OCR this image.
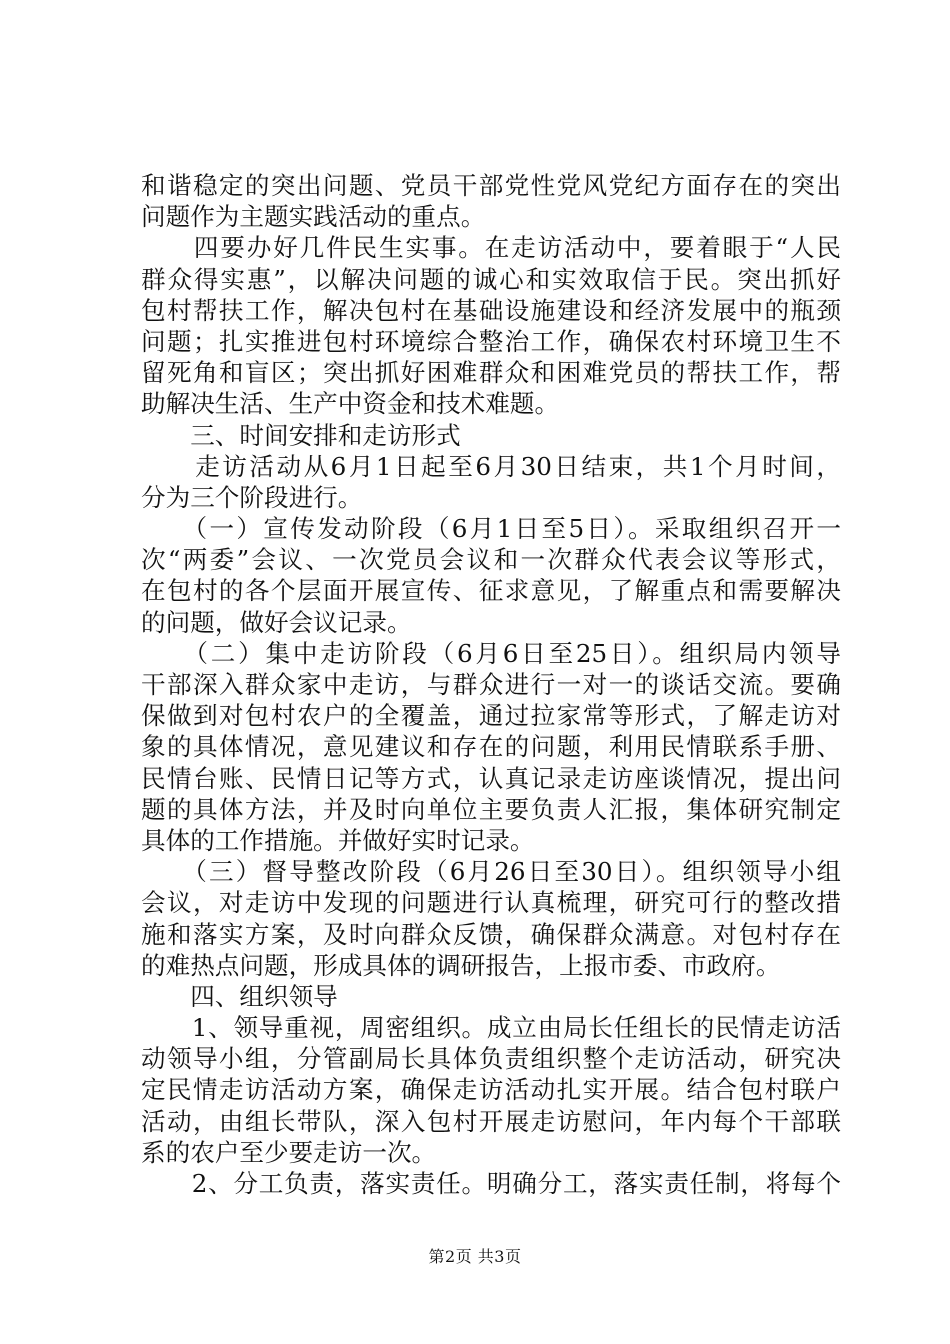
和谐稳定的突出问题、党员干部党性党风党纪方面存在的突出
问题作为主题实践活动的重点。
　　四要办好几件民生实事。在走访活动中，要着眼于“人民
群众得实惠”，以解决问题的诚心和实效取信于民。突出抓好
包村帮扶工作，解决包村在基础设施建设和经济发展中的瓶颈
问题；扎实推进包村环境综合整治工作，确保农村环境卫生不
留死角和盲区；突出抓好困难群众和困难党员的帮扶工作，帮
助解决生活、生产中资金和技术难题。
　　三、时间安排和走访形式
　　走访活动从6月1日起至6月30日结束，共1个月时间，
分为三个阶段进行。
　　（一）宣传发动阶段（6月1日至5日）。采取组织召开一
次“两委”会议、一次党员会议和一次群众代表会议等形式，
在包村的各个层面开展宣传、征求意见，了解重点和需要解决
的问题，做好会议记录。
　　（二）集中走访阶段（6月6日至25日）。组织局内领导
干部深入群众家中走访，与群众进行一对一的谈话交流。要确
保做到对包村农户的全覆盖，通过拉家常等形式，了解走访对
象的具体情况，意见建议和存在的问题，利用民情联系手册、
民情台账、民情日记等方式，认真记录走访座谈情况，提出问
题的具体方法，并及时向单位主要负责人汇报，集体研究制定
具体的工作措施。并做好实时记录。
　　（三）督导整改阶段（6月26日至30日）。组织领导小组
会议，对走访中发现的问题进行认真梳理，研究可行的整改措
施和落实方案，及时向群众反馈，确保群众满意。对包村存在
的难热点问题，形成具体的调研报告，上报市委、市政府。
　　四、组织领导
　　1、领导重视，周密组织。成立由局长任组长的民情走访活
动领导小组，分管副局长具体负责组织整个走访活动，研究决
定民情走访活动方案，确保走访活动扎实开展。结合包村联户
活动，由组长带队，深入包村开展走访慰问，年内每个干部联
系的农户至少要走访一次。
　　2、分工负责，落实责任。明确分工，落实责任制，将每个
第2页 共3页
